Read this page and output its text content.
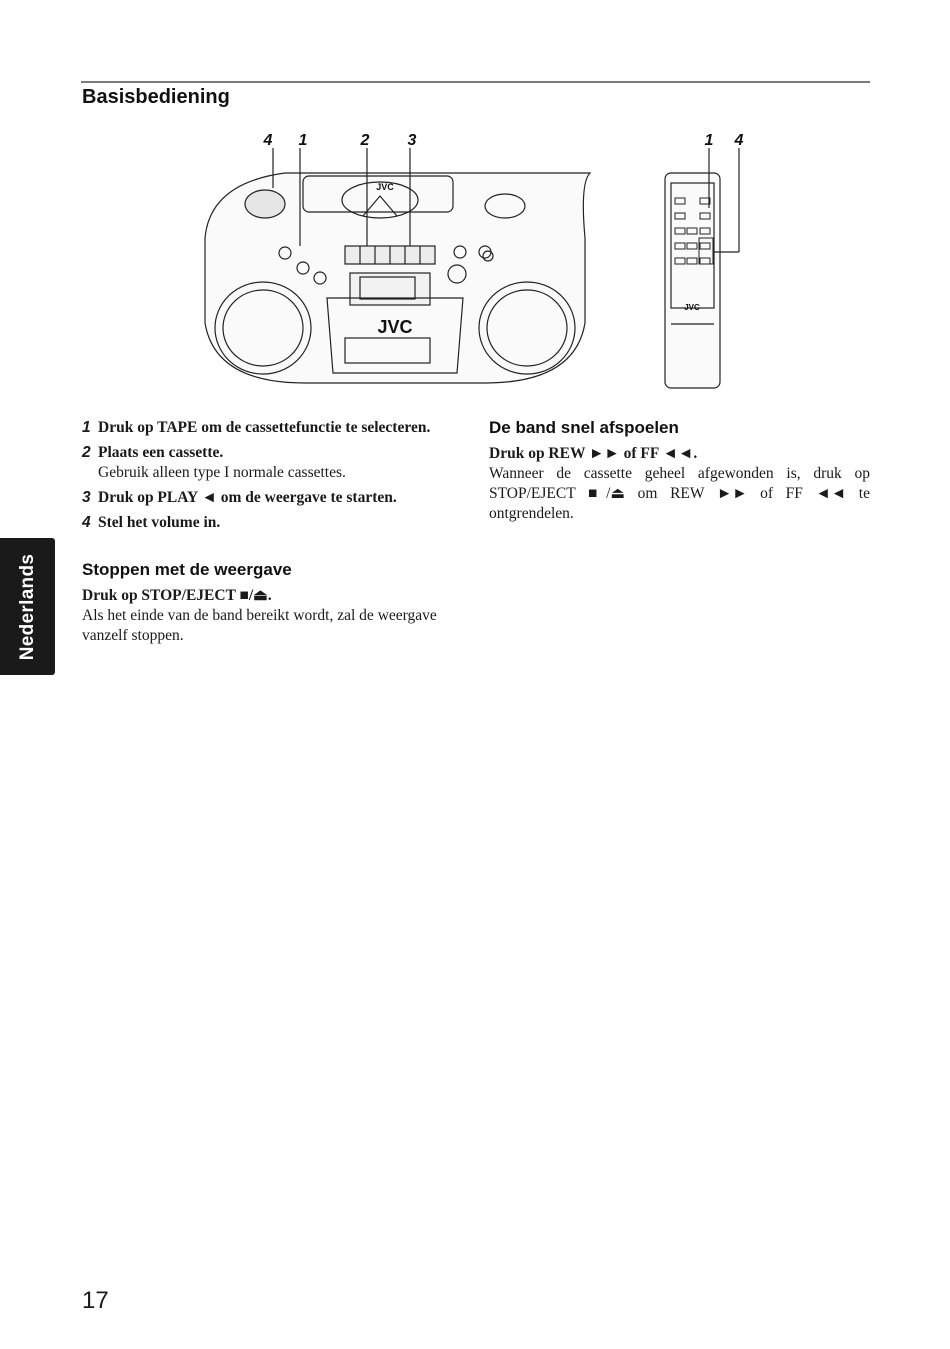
Basisbediening
JVC
JVC
JVC
4 1	2 3	1 4
1 Druk op TAPE om de cassettefunctie te selecteren.
2 Plaats een cassette.
Gebruik alleen type I normale cassettes.
3 Druk op PLAY ◄ om de weergave te starten.
4 Stel het volume in.
Stoppen met de weergave
Druk op STOP/EJECT ■/⏏.
Als het einde van de band bereikt wordt, zal de weergave vanzelf stoppen.
De band snel afspoelen
Druk op REW ►► of FF ◄◄.
Wanneer de cassette geheel afgewonden is, druk op STOP/EJECT ■/⏏ om REW ►► of FF ◄◄ te ontgrendelen.
Nederlands
17
